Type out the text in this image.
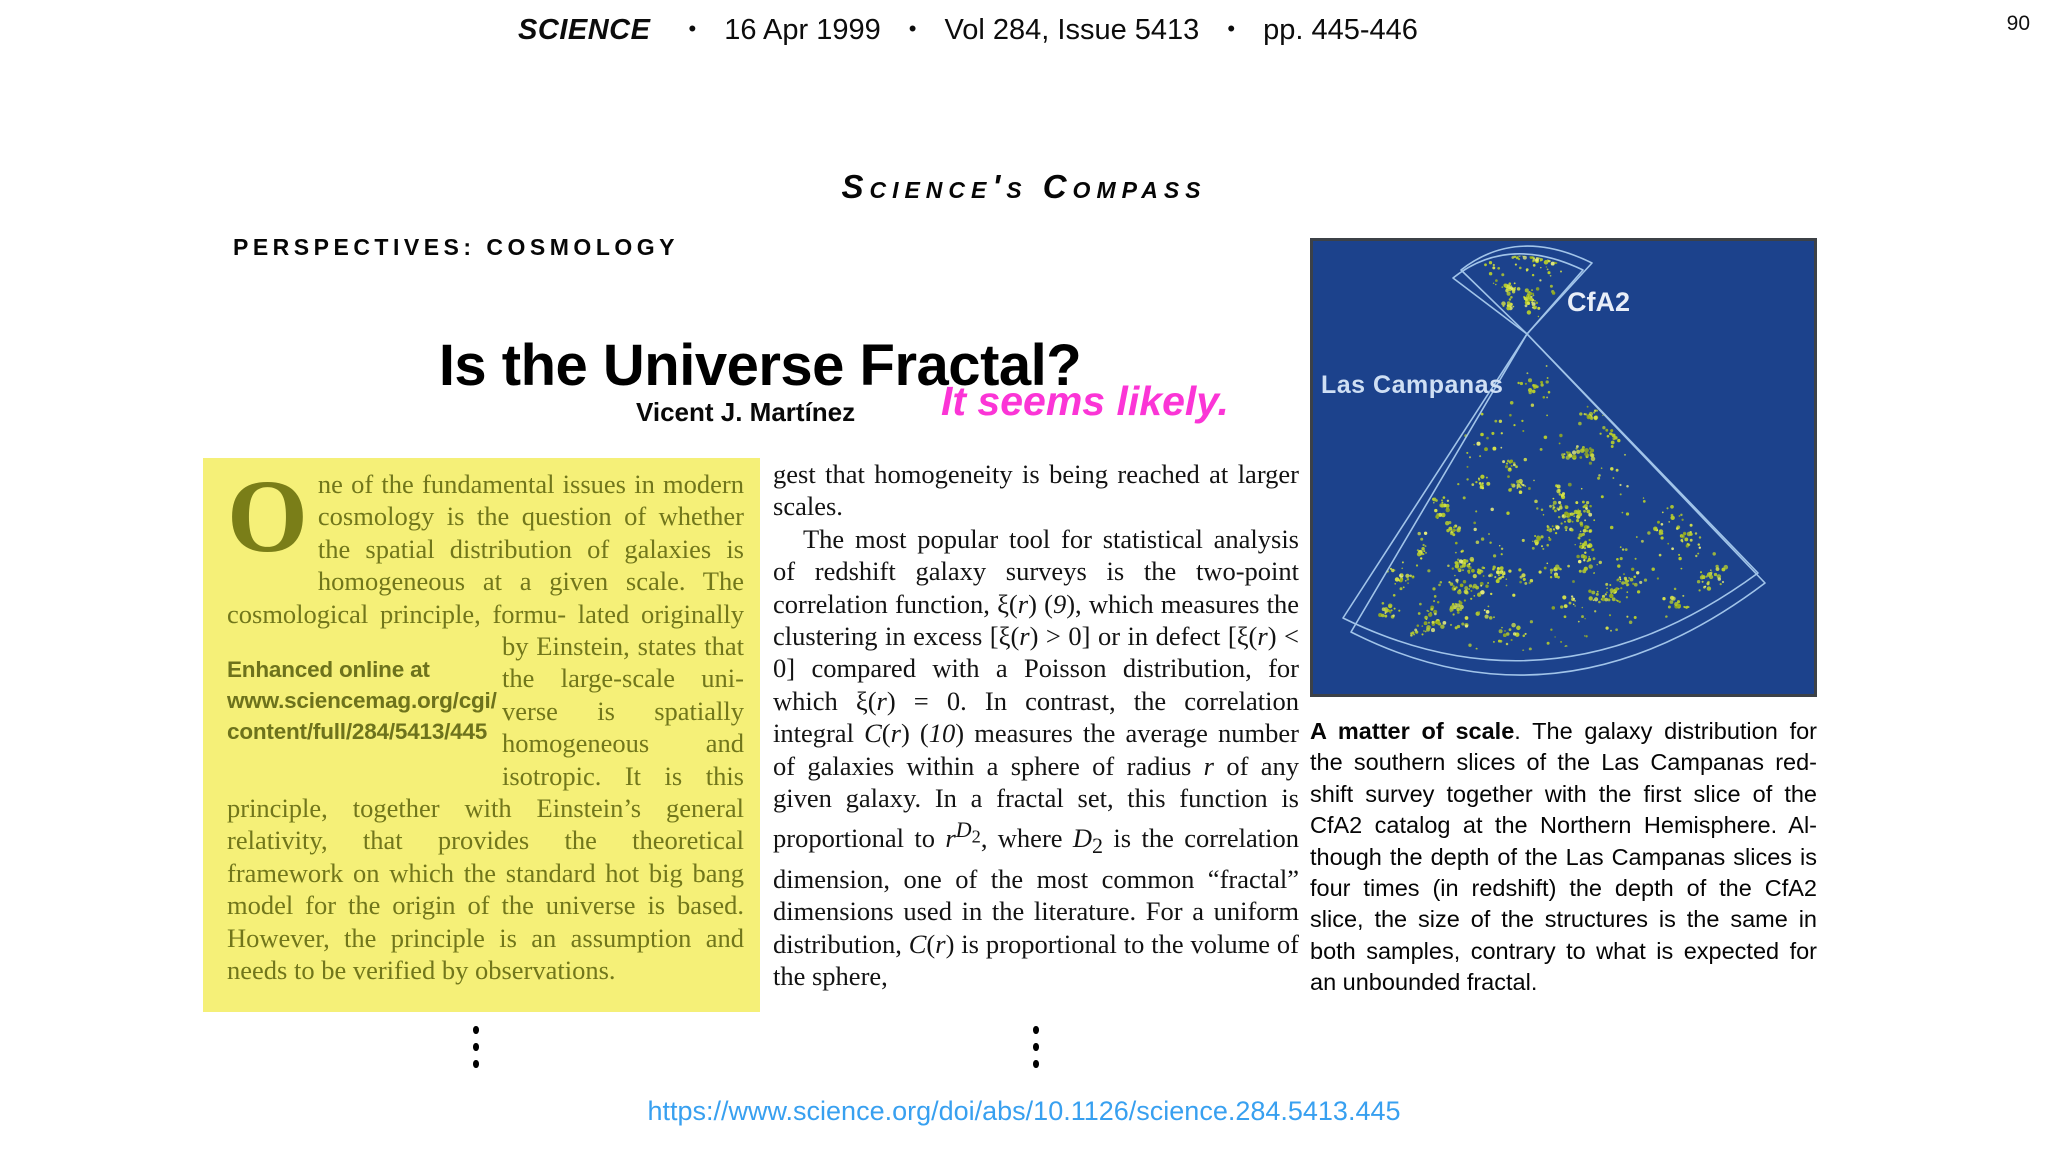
SCIENCE • 16 Apr 1999 • Vol 284, Issue 5413 • pp. 445-446	90
Science's Compass
PERSPECTIVES: COSMOLOGY
Is the Universe Fractal?
Vicent J. Martínez It seems likely.
One of the fundamental issues in modern cosmology is the question of whether the spatial distribution of galaxies is homogeneous at a given scale. The cosmological principle, formu-
Enhanced online at
www.sciencemag.org/cgi/
content/full/284/5413/445
lated originally by Einstein, states that the large-scale universe is spatially homogeneous and isotropic. It is this principle, together with Einstein’s general relativity, that provides the theoretical framework on which the standard hot big bang model for the origin of the universe is based. However, the principle is an assumption and needs to be verified by observations.

gest that homogeneity is being reached at larger scales.

The most popular tool for statistical analysis of redshift galaxy surveys is the two-point correlation function, ξ(r) (9), which measures the clustering in excess [ξ(r) > 0] or in defect [ξ(r) < 0] compared with a Poisson distribution, for which ξ(r) = 0. In contrast, the correlation integral C(r) (10) measures the average number of galaxies within a sphere of radius r of any given galaxy. In a fractal set, this function is proportional to $r^{D_2}$, where $D_2$ is the correlation dimension, one of the most common “fractal” dimensions used in the literature. For a uniform distribution, C(r) is proportional to the volume of the sphere,

CfA2
Las Campanas
A matter of scale. The galaxy distribution for the southern slices of the Las Campanas redshift survey together with the first slice of the CfA2 catalog at the Northern Hemisphere. Although the depth of the Las Campanas slices is four times (in redshift) the depth of the CfA2 slice, the size of the structures is the same in both samples, contrary to what is expected for an unbounded fractal.
https://www.science.org/doi/abs/10.1126/science.284.5413.445
